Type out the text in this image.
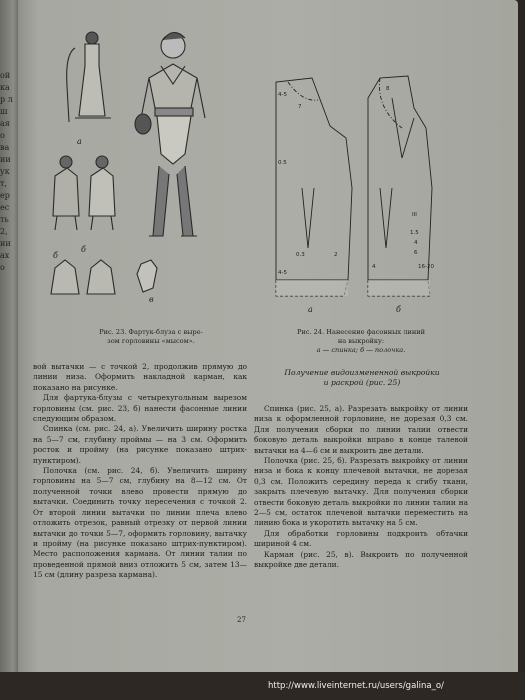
ой ка р л ш ая о ва ии ук т, ер ес ть 2, ии ах о
а
б
б
в
Рис. 23. Фартук-блуза с выре-
зом горловины «мысом».
4-5
7
0.5
0.3	2
8
III
1.5
4
6
16-20
4
4-5
а	б
Рис. 24. Нанесение фасонных линий
на выкройку:
а — спинка; б — полочка.
Получение видоизмененной выкройки
и раскрой (рис. 25)

вой вытачки — с точкой 2, продолжив прямую до линии низа. Оформить накладной карман, как показано на рисунке.

Для фартука-блузы с четырехугольным вырезом горловины (см. рис. 23, б) нанести фасонные линии следующим образом.

Спинка (см. рис. 24, а). Увеличить ширину ростка на 5—7 см, глубину проймы — на 3 см. Оформить росток и пройму (на рисунке показано штрих-пунктиром).

Полочка (см. рис. 24, б). Увеличить ширину горловины на 5—7 см, глубину на 8—12 см. От полученной точки влево провести прямую до вытачки. Соединить точку пересечения с точкой 2. От второй линии вытачки по линии плеча влево отложить отрезок, равный отрезку от первой линии вытачки до точки 5—7, оформить горловину, вытачку и пройму (на рисунке показано штрих-пунктиром). Место расположения кармана. От линии талии по проведенной прямой вниз отложить 5 см, затем 13—15 см (длину разреза кармана).

Спинка (рис. 25, а). Разрезать выкройку от линии низа к оформленной горловине, не дорезая 0,3 см. Для получения сборки по линии талии отвести боковую деталь выкройки вправо в конце талевой вытачки на 4—6 см и выкроить две детали.

Полочка (рис. 25, б). Разрезать выкройку от линии низа и бока к концу плечевой вытачки, не дорезая 0,3 см. Положить середину переда к сгибу ткани, закрыть плечевую вытачку. Для получения сборки отвести боковую деталь выкройки по линии талии на 2—5 см, остаток плечевой вытачки переместить на линию бока и укоротить вытачку на 5 см.

Для обработки горловины подкроить обтачки шириной 4 см.

Карман (рис. 25, в). Выкроить по полученной выкройке две детали.

27
http://www.liveinternet.ru/users/galina_o/
